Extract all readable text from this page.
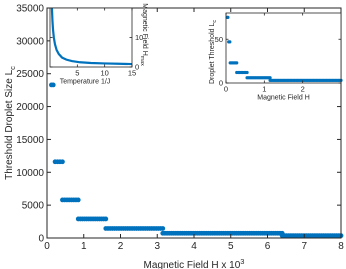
0	1	2	3	4	5	6	7	8
0
5000
10000
15000
20000
25000
30000
35000
Magnetic Field H x $10^3$
Threshold Droplet Size $L_c$
5	10	15
0
10
Temperature 1/J
Magnetic Field $H_{max}$
0	1	2
0
50
Magnetic Field H
Droplet Threshold $L_c$
